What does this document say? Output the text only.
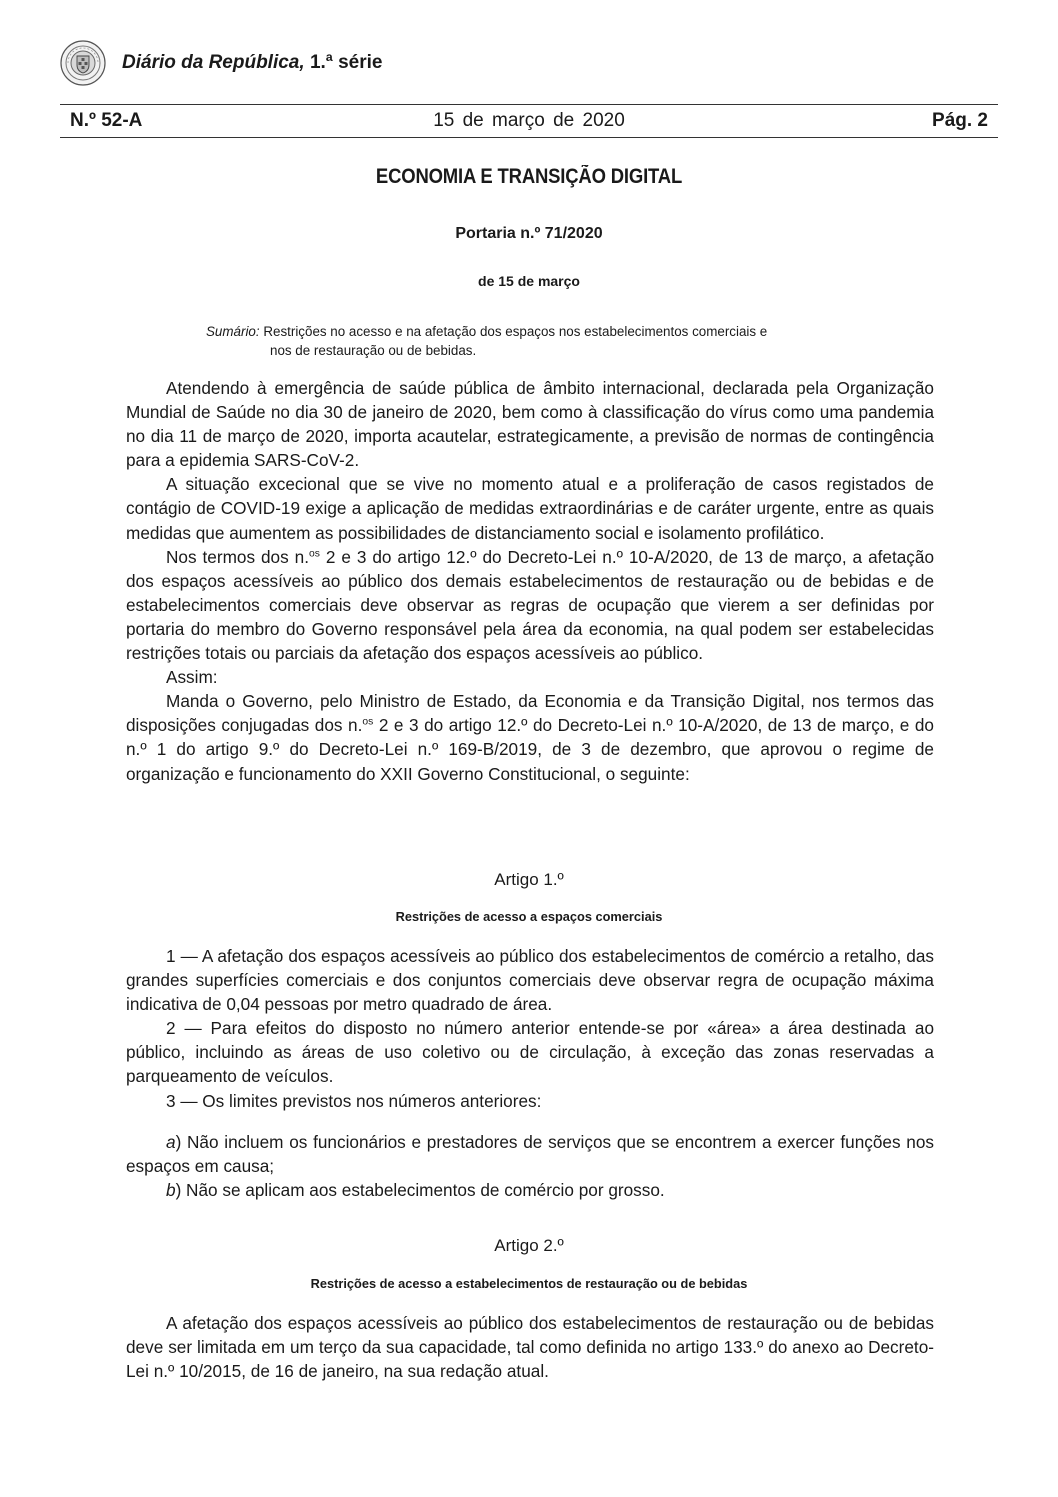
Diário da República, 1.ª série
N.º 52-A	15 de março de 2020	Pág. 2
ECONOMIA E TRANSIÇÃO DIGITAL
Portaria n.º 71/2020
de 15 de março
Sumário: Restrições no acesso e na afetação dos espaços nos estabelecimentos comerciais e
nos de restauração ou de bebidas.

Atendendo à emergência de saúde pública de âmbito internacional, declarada pela Organização Mundial de Saúde no dia 30 de janeiro de 2020, bem como à classificação do vírus como uma pandemia no dia 11 de março de 2020, importa acautelar, estrategicamente, a previsão de normas de contingência para a epidemia SARS-CoV-2.

A situação excecional que se vive no momento atual e a proliferação de casos registados de contágio de COVID-19 exige a aplicação de medidas extraordinárias e de caráter urgente, entre as quais medidas que aumentem as possibilidades de distanciamento social e isolamento profilático.

Nos termos dos n.$^{os}$ 2 e 3 do artigo 12.º do Decreto-Lei n.º 10-A/2020, de 13 de março, a afetação dos espaços acessíveis ao público dos demais estabelecimentos de restauração ou de bebidas e de estabelecimentos comerciais deve observar as regras de ocupação que vierem a ser definidas por portaria do membro do Governo responsável pela área da economia, na qual podem ser estabelecidas restrições totais ou parciais da afetação dos espaços acessíveis ao público.

Assim:

Manda o Governo, pelo Ministro de Estado, da Economia e da Transição Digital, nos termos das disposições conjugadas dos n.$^{os}$ 2 e 3 do artigo 12.º do Decreto-Lei n.º 10-A/2020, de 13 de março, e do n.º 1 do artigo 9.º do Decreto-Lei n.º 169-B/2019, de 3 de dezembro, que aprovou o regime de organização e funcionamento do XXII Governo Constitucional, o seguinte:

Artigo 1.º
Restrições de acesso a espaços comerciais

1 — A afetação dos espaços acessíveis ao público dos estabelecimentos de comércio a retalho, das grandes superfícies comerciais e dos conjuntos comerciais deve observar regra de ocupação máxima indicativa de 0,04 pessoas por metro quadrado de área.

2 — Para efeitos do disposto no número anterior entende-se por «área» a área destinada ao público, incluindo as áreas de uso coletivo ou de circulação, à exceção das zonas reservadas a parqueamento de veículos.

3 — Os limites previstos nos números anteriores:

a) Não incluem os funcionários e prestadores de serviços que se encontrem a exercer funções nos espaços em causa;

b) Não se aplicam aos estabelecimentos de comércio por grosso.

Artigo 2.º
Restrições de acesso a estabelecimentos de restauração ou de bebidas

A afetação dos espaços acessíveis ao público dos estabelecimentos de restauração ou de bebidas deve ser limitada em um terço da sua capacidade, tal como definida no artigo 133.º do anexo ao Decreto-Lei n.º 10/2015, de 16 de janeiro, na sua redação atual.
